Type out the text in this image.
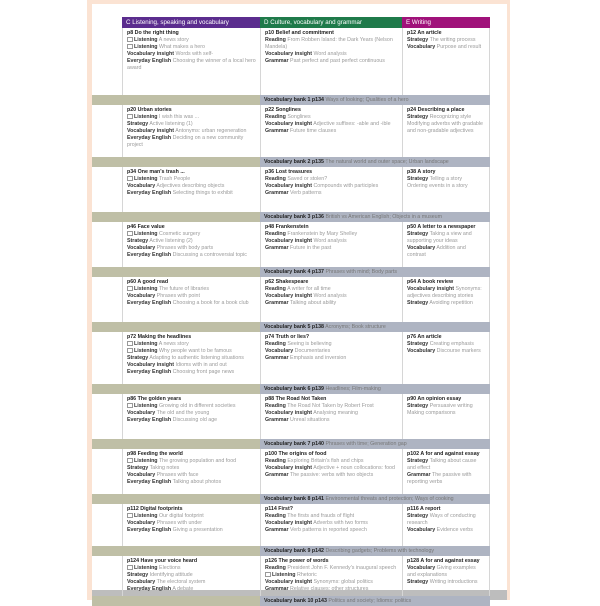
C Listening, speaking and vocabulary	D Culture, vocabulary and grammar	E Writing
p8 Do the right thing
Listening A news story
Listening What makes a hero
Vocabulary insight Words with self-
Everyday English Choosing the winner of a local hero award
p10 Belief and commitment
Reading From Robben Island: the Dark Years (Nelson Mandela)
Vocabulary insight Word analysis
Grammar Past perfect and past perfect continuous
p12 An article
Strategy The writing process
Vocabulary Purpose and result
Vocabulary bank 1 p134 Ways of looking; Qualities of a hero
p20 Urban stories
Listening I wish this was ...
Strategy Active listening (1)
Vocabulary insight Antonyms: urban regeneration
Everyday English Deciding on a new community project
p22 Songlines
Reading Songlines
Vocabulary insight Adjective suffixes: -able and -ible
Grammar Future time clauses
p24 Describing a place
Strategy Recognizing style
Modifying adverbs with gradable and non-gradable adjectives
Vocabulary bank 2 p135 The natural world and outer space; Urban landscape
p34 One man's trash ...
Listening Trash People
Vocabulary Adjectives describing objects
Everyday English Selecting things to exhibit
p36 Lost treasures
Reading Saved or stolen?
Vocabulary insight Compounds with participles
Grammar Verb patterns
p38 A story
Strategy Telling a story
Ordering events in a story
Vocabulary bank 3 p136 British vs American English; Objects in a museum
p46 Face value
Listening Cosmetic surgery
Strategy Active listening (2)
Vocabulary Phrases with body parts
Everyday English Discussing a controversial topic
p48 Frankenstein
Reading Frankenstein by Mary Shelley
Vocabulary insight Word analysis
Grammar Future in the past
p50 A letter to a newspaper
Strategy Taking a view and supporting your ideas
Vocabulary Addition and contrast
Vocabulary bank 4 p137 Phrases with mind; Body parts
p60 A good read
Listening The future of libraries
Vocabulary Phrases with point
Everyday English Choosing a book for a book club
p62 Shakespeare
Reading A writer for all time
Vocabulary insight Word analysis
Grammar Talking about ability
p64 A book review
Vocabulary insight Synonyms: adjectives describing stories
Strategy Avoiding repetition
Vocabulary bank 5 p138 Acronyms; Book structure
p72 Making the headlines
Listening A news story
Listening Why people want to be famous
Strategy Adapting to authentic listening situations
Vocabulary insight Idioms with in and out
Everyday English Choosing front page news
p74 Truth or lies?
Reading Seeing is believing
Vocabulary Documentaries
Grammar Emphasis and inversion
p76 An article
Strategy Creating emphasis
Vocabulary Discourse markers
Vocabulary bank 6 p139 Headlines; Film-making
p86 The golden years
Listening Growing old in different societies
Vocabulary The old and the young
Everyday English Discussing old age
p88 The Road Not Taken
Reading The Road Not Taken by Robert Frost
Vocabulary insight Analysing meaning
Grammar Unreal situations
p90 An opinion essay
Strategy Persuasive writing
Making comparisons
Vocabulary bank 7 p140 Phrases with time; Generation gap
p98 Feeding the world
Listening The growing population and food
Strategy Taking notes
Vocabulary Phrases with face
Everyday English Talking about photos
p100 The origins of food
Reading Exploring Britain's fish and chips
Vocabulary insight Adjective + noun collocations: food
Grammar The passive: verbs with two objects
p102 A for and against essay
Strategy Talking about cause and effect
Grammar The passive with reporting verbs
Vocabulary bank 8 p141 Environmental threats and protection; Ways of cooking
p112 Digital footprints
Listening Our digital footprint
Vocabulary Phrases with under
Everyday English Giving a presentation
p114 First?
Reading The firsts and frauds of flight
Vocabulary insight Adverbs with two forms
Grammar Verb patterns in reported speech
p116 A report
Strategy Ways of conducting research
Vocabulary Evidence verbs
Vocabulary bank 9 p142 Describing gadgets; Problems with technology
p124 Have your voice heard
Listening Elections
Strategy Identifying attitude
Vocabulary The electoral system
Everyday English A debate
p126 The power of words
Reading President John F. Kennedy's inaugural speech
Listening Rhetoric
Vocabulary insight Synonyms: global politics
Grammar Relative clauses: other structures
p128 A for and against essay
Vocabulary Giving examples and explanations
Strategy Writing introductions
Vocabulary bank 10 p143 Politics and society; Idioms: politics
